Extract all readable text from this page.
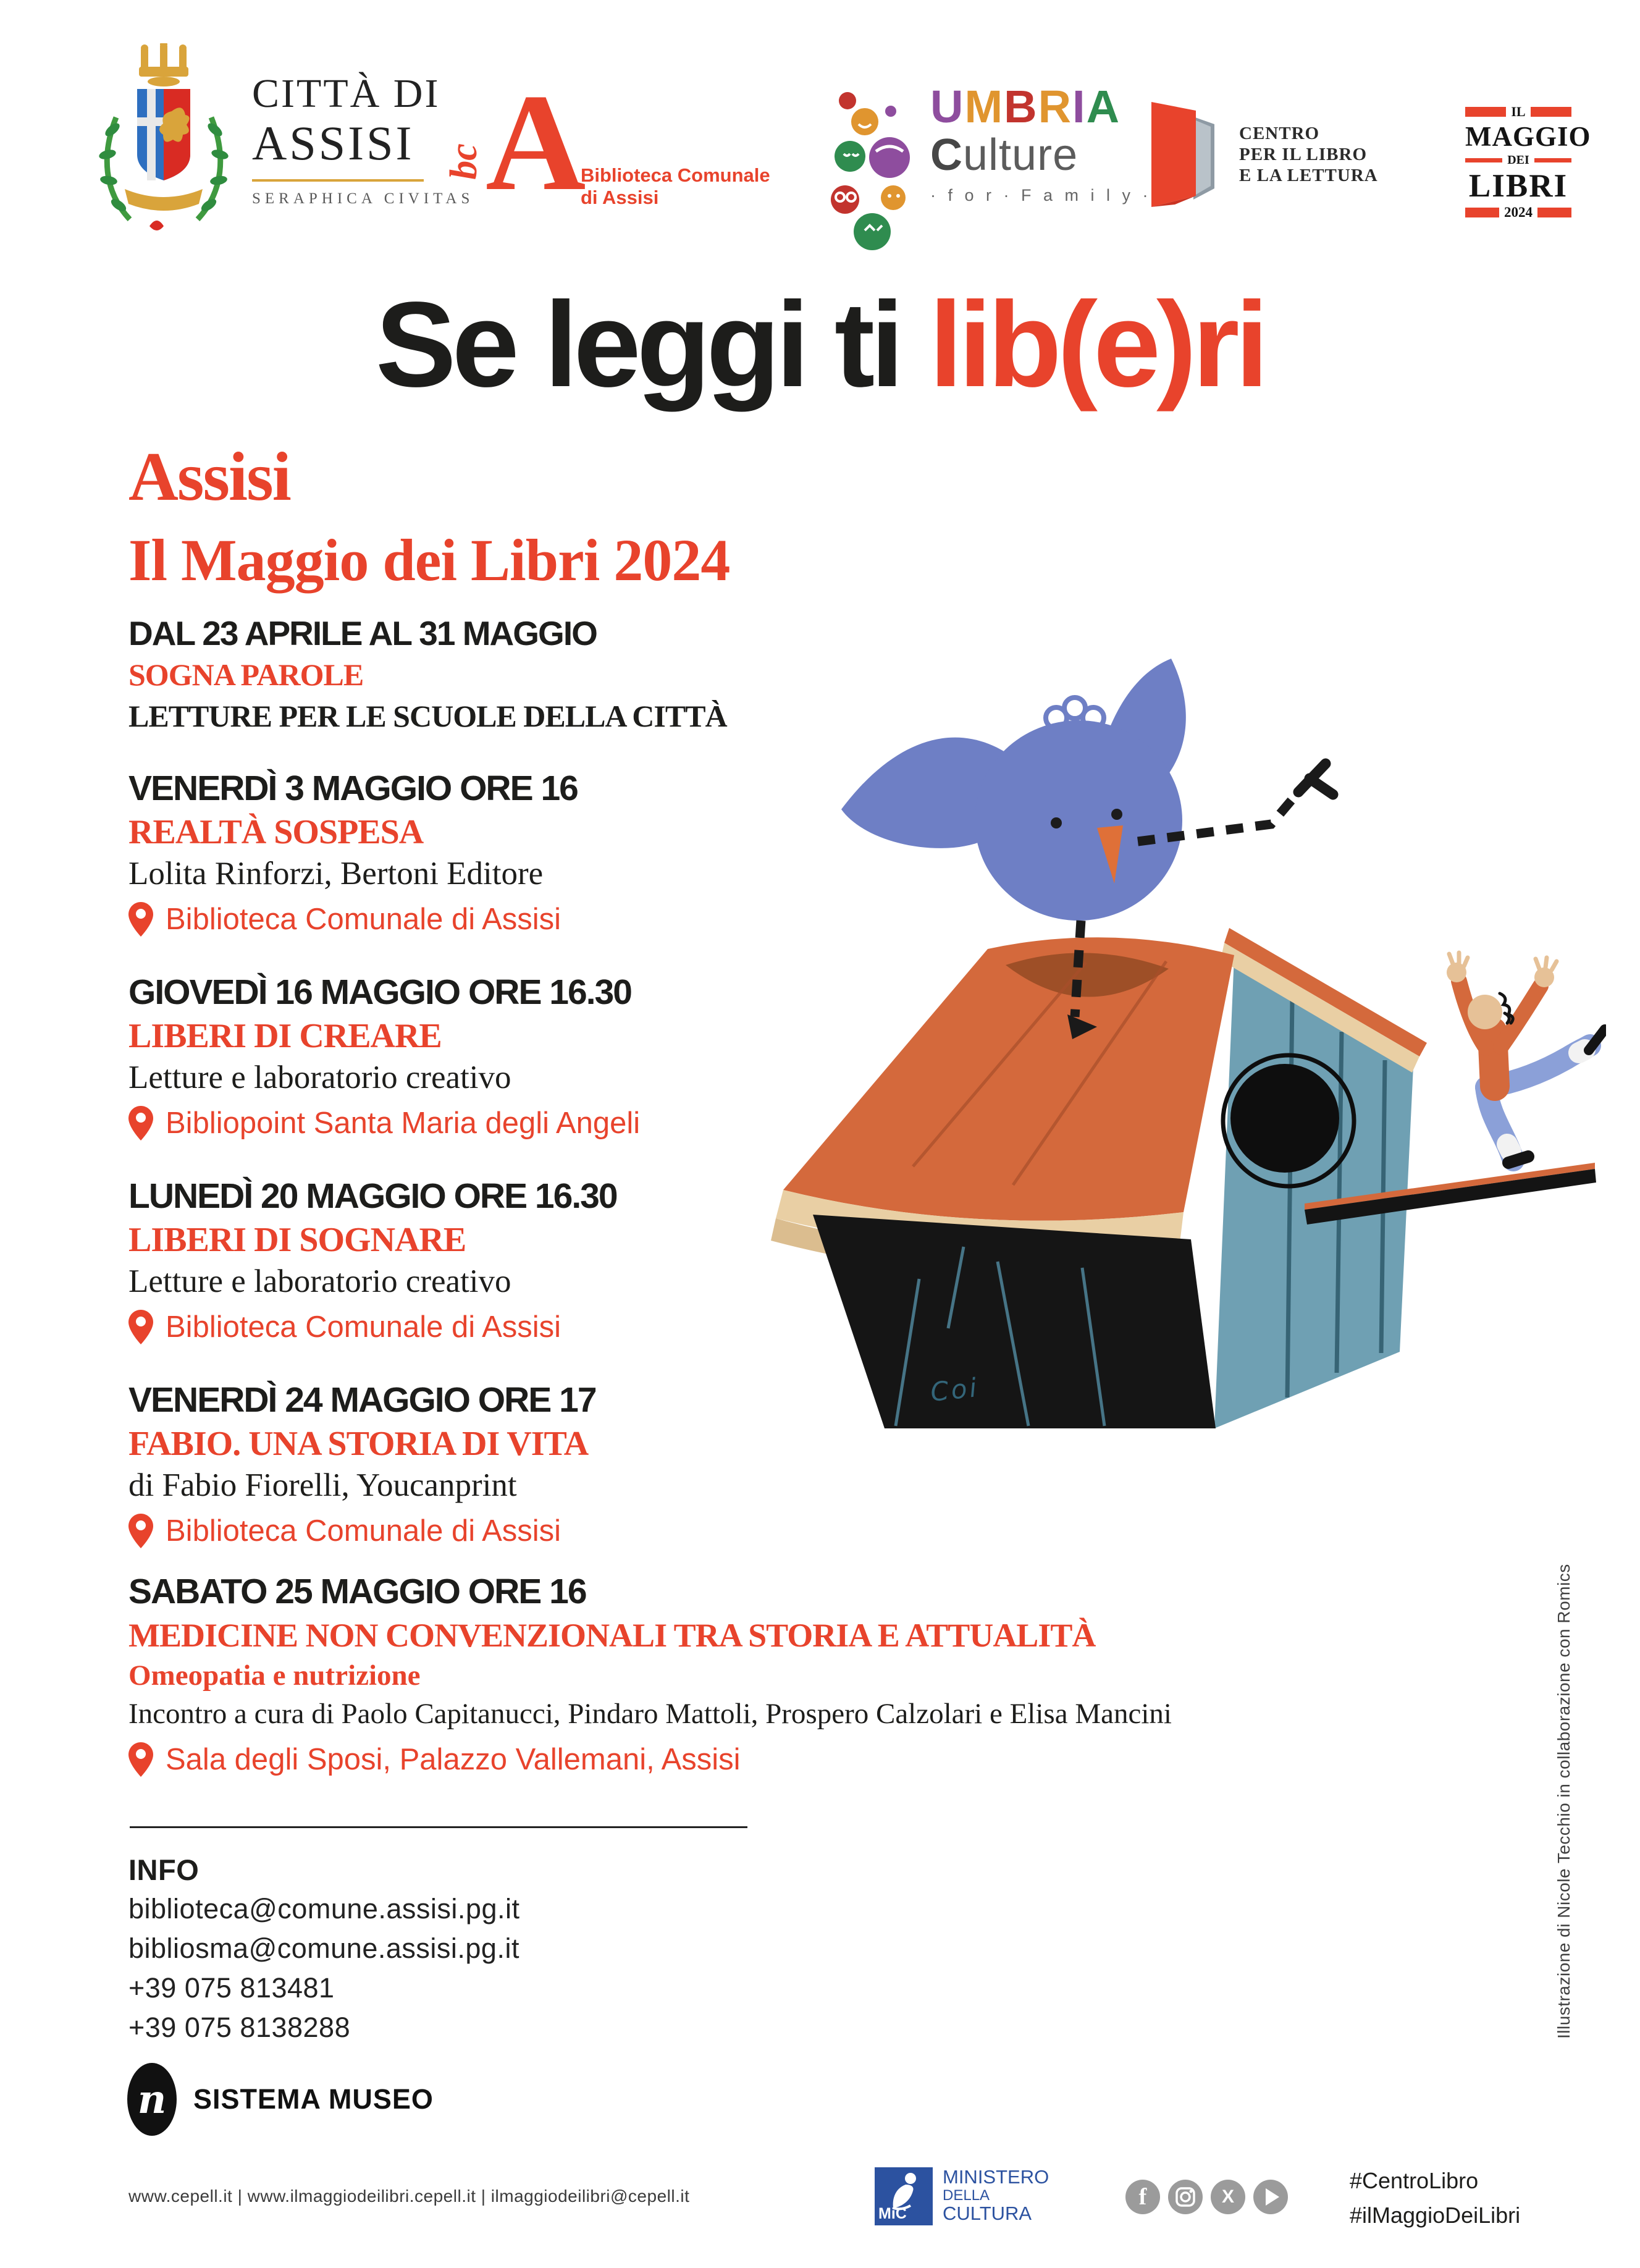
CITTÀ DI
ASSISI
SERAPHICA CIVITAS
bc A
Biblioteca Comunale
di Assisi
UMBRIA
Culture
· f o r · F a m i l y ·
CENTRO
PER IL LIBRO
E LA LETTURA
IL
MAGGIO
DEI
LIBRI
2024
Se leggi ti lib(e)ri
Assisi
Il Maggio dei Libri 2024
DAL 23 APRILE AL 31 MAGGIO
SOGNA PAROLE
LETTURE PER LE SCUOLE DELLA CITTÀ
VENERDÌ 3 MAGGIO ORE 16
REALTÀ SOSPESA
Lolita Rinforzi, Bertoni Editore
Biblioteca Comunale di Assisi
GIOVEDÌ 16 MAGGIO ORE 16.30
LIBERI DI CREARE
Letture e laboratorio creativo
Bibliopoint Santa Maria degli Angeli
LUNEDÌ 20 MAGGIO ORE 16.30
LIBERI DI SOGNARE
Letture e laboratorio creativo
Biblioteca Comunale di Assisi
VENERDÌ 24 MAGGIO ORE 17
FABIO. UNA STORIA DI VITA
di Fabio Fiorelli, Youcanprint
Biblioteca Comunale di Assisi
SABATO 25 MAGGIO ORE 16
MEDICINE NON CONVENZIONALI TRA STORIA E ATTUALITÀ
Omeopatia e nutrizione
Incontro a cura di Paolo Capitanucci, Pindaro Mattoli, Prospero Calzolari e Elisa Mancini
Sala degli Sposi, Palazzo Vallemani, Assisi
INFO
biblioteca@comune.assisi.pg.it
bibliosma@comune.assisi.pg.it
+39 075 813481
+39 075 8138288
n SISTEMA MUSEO
www.cepell.it | www.ilmaggiodeilibri.cepell.it | ilmaggiodeilibri@cepell.it
MiC
MINISTERO
DELLA
CULTURA
f	X
#CentroLibro
#ilMaggioDeiLibri
Coi
Illustrazione di Nicole Tecchio in collaborazione con Romics
